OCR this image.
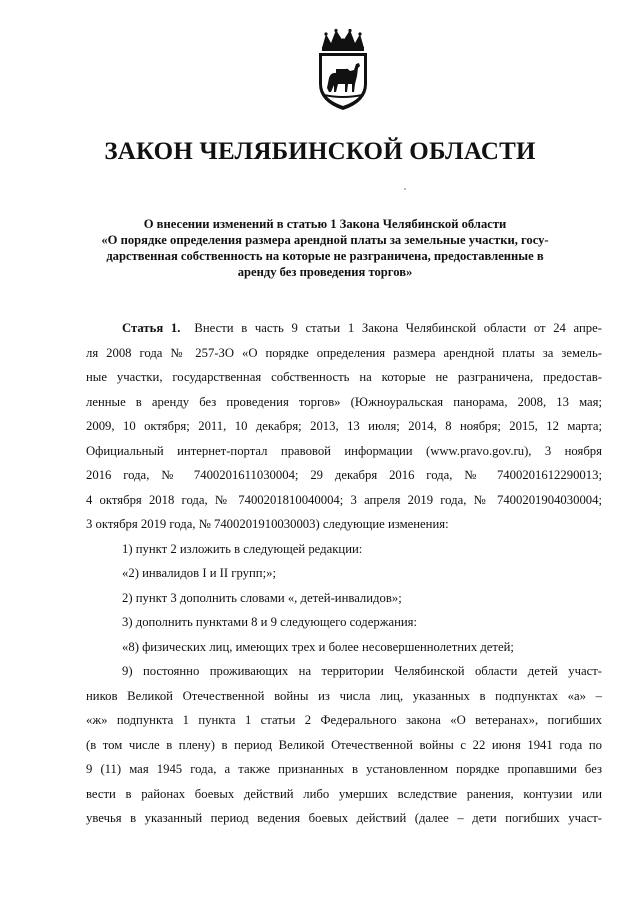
ЗАКОН ЧЕЛЯБИНСКОЙ ОБЛАСТИ
О внесении изменений в статью 1 Закона Челябинской области
«О порядке определения размера арендной платы за земельные участки, госу-
дарственная собственность на которые не разграничена, предоставленные в
аренду без проведения торгов»
Статья 1. Внести в часть 9 статьи 1 Закона Челябинской области от 24 апре-
ля 2008 года № 257-ЗО «О порядке определения размера арендной платы за земель-
ные участки, государственная собственность на которые не разграничена, предостав-
ленные в аренду без проведения торгов» (Южноуральская панорама, 2008, 13 мая;
2009, 10 октября; 2011, 10 декабря; 2013, 13 июля; 2014, 8 ноября; 2015, 12 марта;
Официальный интернет-портал правовой информации (www.pravo.gov.ru), 3 ноября
2016 года, № 7400201611030004; 29 декабря 2016 года, № 7400201612290013;
4 октября 2018 года, № 7400201810040004; 3 апреля 2019 года, № 7400201904030004;
3 октября 2019 года, № 7400201910030003) следующие изменения:
1) пункт 2 изложить в следующей редакции:
«2) инвалидов I и II групп;»;
2) пункт 3 дополнить словами «, детей-инвалидов»;
3) дополнить пунктами 8 и 9 следующего содержания:
«8) физических лиц, имеющих трех и более несовершеннолетних детей;
9) постоянно проживающих на территории Челябинской области детей участ-
ников Великой Отечественной войны из числа лиц, указанных в подпунктах «а» –
«ж» подпункта 1 пункта 1 статьи 2 Федерального закона «О ветеранах», погибших
(в том числе в плену) в период Великой Отечественной войны с 22 июня 1941 года по
9 (11) мая 1945 года, а также признанных в установленном порядке пропавшими без
вести в районах боевых действий либо умерших вследствие ранения, контузии или
увечья в указанный период ведения боевых действий (далее – дети погибших участ-
